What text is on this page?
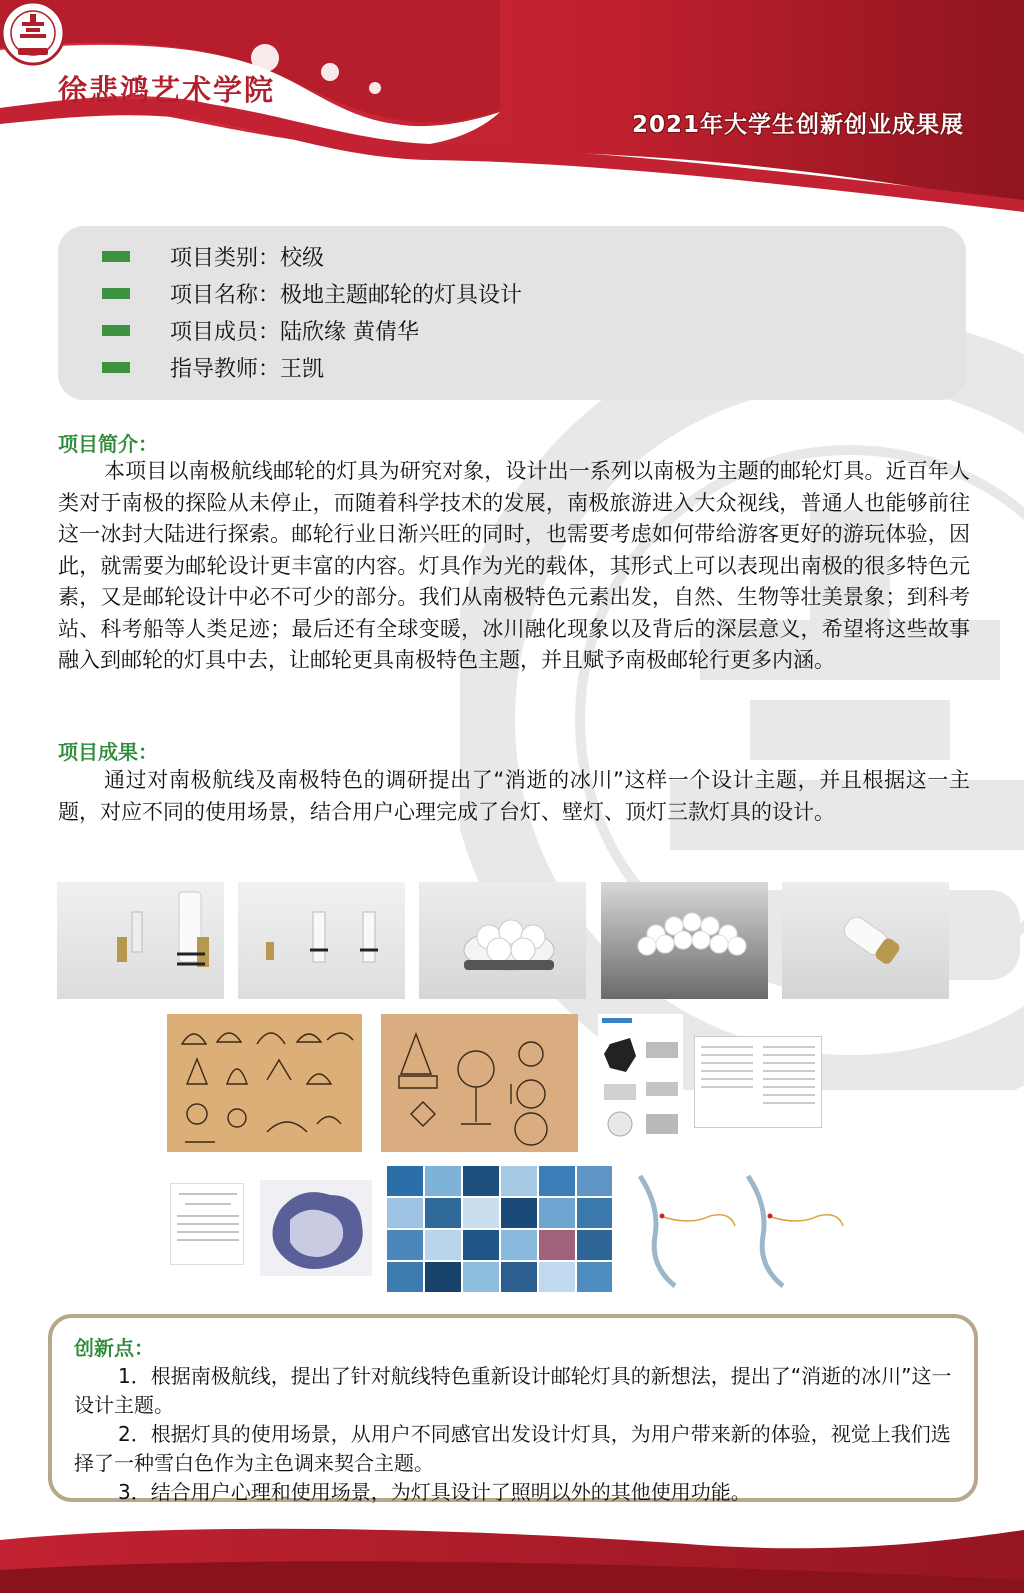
徐悲鸿艺术学院
2021年大学生创新创业成果展
项目类别：校级
项目名称：极地主题邮轮的灯具设计
项目成员：陆欣缘 黄倩华
指导教师：王凯
项目简介：
本项目以南极航线邮轮的灯具为研究对象，设计出一系列以南极为主题的邮轮灯具。近百年人类对于南极的探险从未停止，而随着科学技术的发展，南极旅游进入大众视线，普通人也能够前往这一冰封大陆进行探索。邮轮行业日渐兴旺的同时，也需要考虑如何带给游客更好的游玩体验，因此，就需要为邮轮设计更丰富的内容。灯具作为光的载体，其形式上可以表现出南极的很多特色元素，又是邮轮设计中必不可少的部分。我们从南极特色元素出发，自然、生物等壮美景象；到科考站、科考船等人类足迹；最后还有全球变暖，冰川融化现象以及背后的深层意义，希望将这些故事融入到邮轮的灯具中去，让邮轮更具南极特色主题，并且赋予南极邮轮行更多内涵。
项目成果：
通过对南极航线及南极特色的调研提出了“消逝的冰川”这样一个设计主题，并且根据这一主题，对应不同的使用场景，结合用户心理完成了台灯、壁灯、顶灯三款灯具的设计。
创新点：

1．根据南极航线，提出了针对航线特色重新设计邮轮灯具的新想法，提出了“消逝的冰川”这一设计主题。

2．根据灯具的使用场景，从用户不同感官出发设计灯具，为用户带来新的体验，视觉上我们选择了一种雪白色作为主色调来契合主题。

3．结合用户心理和使用场景，为灯具设计了照明以外的其他使用功能。
